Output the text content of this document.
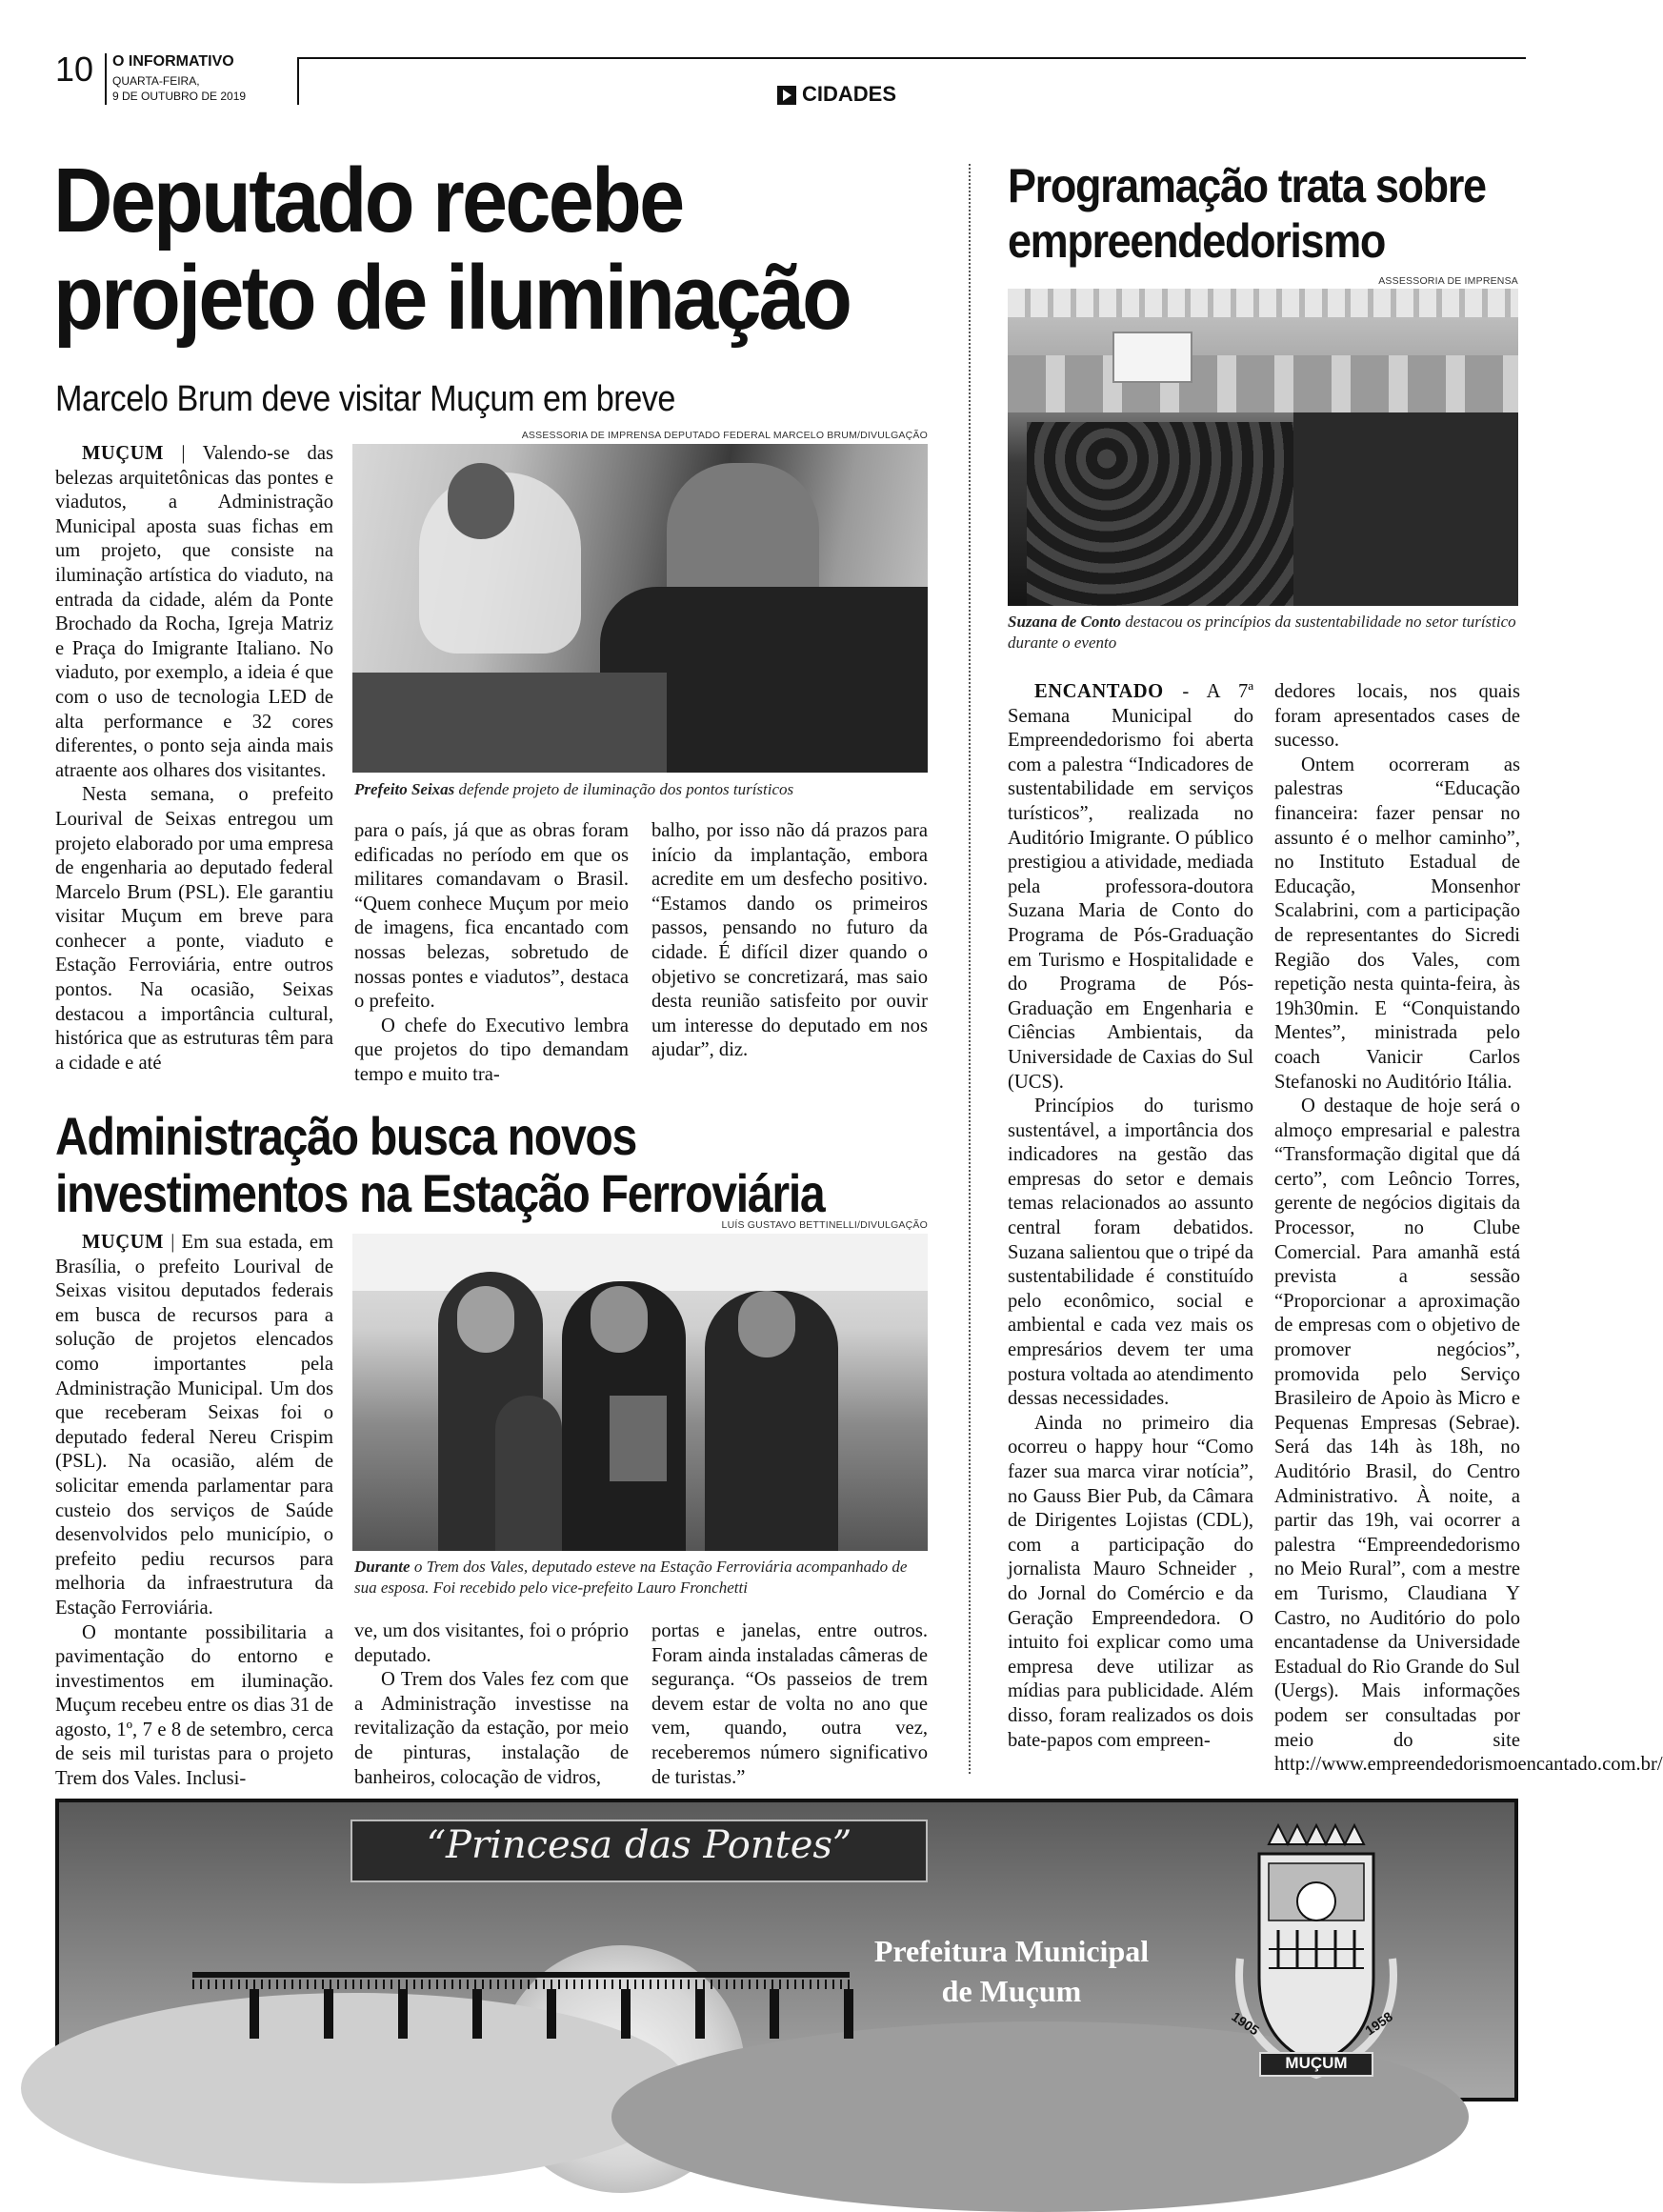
10 O INFORMATIVO
QUARTA-FEIRA,
9 DE OUTUBRO DE 2019	CIDADES
Deputado recebe
projeto de iluminação
Marcelo Brum deve visitar Muçum em breve
ASSESSORIA DE IMPRENSA DEPUTADO FEDERAL MARCELO BRUM/DIVULGAÇÃO
Prefeito Seixas defende projeto de iluminação dos pontos turísticos

MUÇUM | Valendo-se das belezas arquitetônicas das pontes e viadutos, a Administração Municipal aposta suas fichas em um projeto, que consiste na iluminação artística do viaduto, na entrada da cidade, além da Ponte Brochado da Rocha, Igreja Matriz e Praça do Imigrante Italiano. No viaduto, por exemplo, a ideia é que com o uso de tecnologia LED de alta performance e 32 cores diferentes, o ponto seja ainda mais atraente aos olhares dos visitantes.

Nesta semana, o prefeito Lourival de Seixas entregou um projeto elaborado por uma empresa de engenharia ao deputado federal Marcelo Brum (PSL). Ele garantiu visitar Muçum em breve para conhecer a ponte, viaduto e Estação Ferroviária, entre outros pontos. Na ocasião, Seixas destacou a importância cultural, histórica que as estruturas têm para a cidade e até

para o país, já que as obras foram edificadas no período em que os militares comandavam o Brasil. “Quem conhece Muçum por meio de imagens, fica encantado com nossas belezas, sobretudo de nossas pontes e viadutos”, destaca o prefeito.

O chefe do Executivo lembra que projetos do tipo demandam tempo e muito tra-

balho, por isso não dá prazos para início da implantação, embora acredite em um desfecho positivo. “Estamos dando os primeiros passos, pensando no futuro da cidade. É difícil dizer quando o objetivo se concretizará, mas saio desta reunião satisfeito por ouvir um interesse do deputado em nos ajudar”, diz.

Administração busca novos
investimentos na Estação Ferroviária
LUÍS GUSTAVO BETTINELLI/DIVULGAÇÃO
Durante o Trem dos Vales, deputado esteve na Estação Ferroviária acompanhado de sua esposa. Foi recebido pelo vice-prefeito Lauro Fronchetti

MUÇUM | Em sua estada, em Brasília, o prefeito Lourival de Seixas visitou deputados federais em busca de recursos para a solução de projetos elencados como importantes pela Administração Municipal. Um dos que receberam Seixas foi o deputado federal Nereu Crispim (PSL). Na ocasião, além de solicitar emenda parlamentar para custeio dos serviços de Saúde desenvolvidos pelo município, o prefeito pediu recursos para melhoria da infraestrutura da Estação Ferroviária.

O montante possibilitaria a pavimentação do entorno e investimentos em iluminação. Muçum recebeu entre os dias 31 de agosto, 1º, 7 e 8 de setembro, cerca de seis mil turistas para o projeto Trem dos Vales. Inclusi-

ve, um dos visitantes, foi o próprio deputado.

O Trem dos Vales fez com que a Administração investisse na revitalização da estação, por meio de pinturas, instalação de banheiros, colocação de vidros,

portas e janelas, entre outros. Foram ainda instaladas câmeras de segurança. “Os passeios de trem devem estar de volta no ano que vem, quando, outra vez, receberemos número significativo de turistas.”

Programação trata sobre
empreendedorismo
ASSESSORIA DE IMPRENSA
Suzana de Conto destacou os princípios da sustentabilidade no setor turístico durante o evento

ENCANTADO - A 7ª Semana Municipal do Empreendedorismo foi aberta com a palestra “Indicadores de sustentabilidade em serviços turísticos”, realizada no Auditório Imigrante. O público prestigiou a atividade, mediada pela professora-doutora Suzana Maria de Conto do Programa de Pós-Graduação em Turismo e Hospitalidade e do Programa de Pós-Graduação em Engenharia e Ciências Ambientais, da Universidade de Caxias do Sul (UCS).

Princípios do turismo sustentável, a importância dos indicadores na gestão das empresas do setor e demais temas relacionados ao assunto central foram debatidos. Suzana salientou que o tripé da sustentabilidade é constituído pelo econômico, social e ambiental e cada vez mais os empresários devem ter uma postura voltada ao atendimento dessas necessidades.

Ainda no primeiro dia ocorreu o happy hour “Como fazer sua marca virar notícia”, no Gauss Bier Pub, da Câmara de Dirigentes Lojistas (CDL), com a participação do jornalista Mauro Schneider , do Jornal do Comércio e da Geração Empreendedora. O intuito foi explicar como uma empresa deve utilizar as mídias para publicidade. Além disso, foram realizados os dois bate-papos com empreen-

dedores locais, nos quais foram apresentados cases de sucesso.

Ontem ocorreram as palestras “Educação financeira: fazer pensar no assunto é o melhor caminho”, no Instituto Estadual de Educação, Monsenhor Scalabrini, com a participação de representantes do Sicredi Região dos Vales, com repetição nesta quinta-feira, às 19h30min. E “Conquistando Mentes”, ministrada pelo coach Vanicir Carlos Stefanoski no Auditório Itália.

O destaque de hoje será o almoço empresarial e palestra “Transformação digital que dá certo”, com Leôncio Torres, gerente de negócios digitais da Processor, no Clube Comercial. Para amanhã está prevista a sessão “Proporcionar a aproximação de empresas com o objetivo de promover negócios”, promovida pelo Serviço Brasileiro de Apoio às Micro e Pequenas Empresas (Sebrae). Será das 14h às 18h, no Auditório Brasil, do Centro Administrativo. À noite, a partir das 19h, vai ocorrer a palestra “Empreendedorismo no Meio Rural”, com a mestre em Turismo, Claudiana Y Castro, no Auditório do polo encantadense da Universidade Estadual do Rio Grande do Sul (Uergs). Mais informações podem ser consultadas por meio do site http://www.empreendedorismoencantado.com.br/

“Princesa das Pontes”
Prefeitura Municipal
de Muçum
1905	1958
MUÇUM
